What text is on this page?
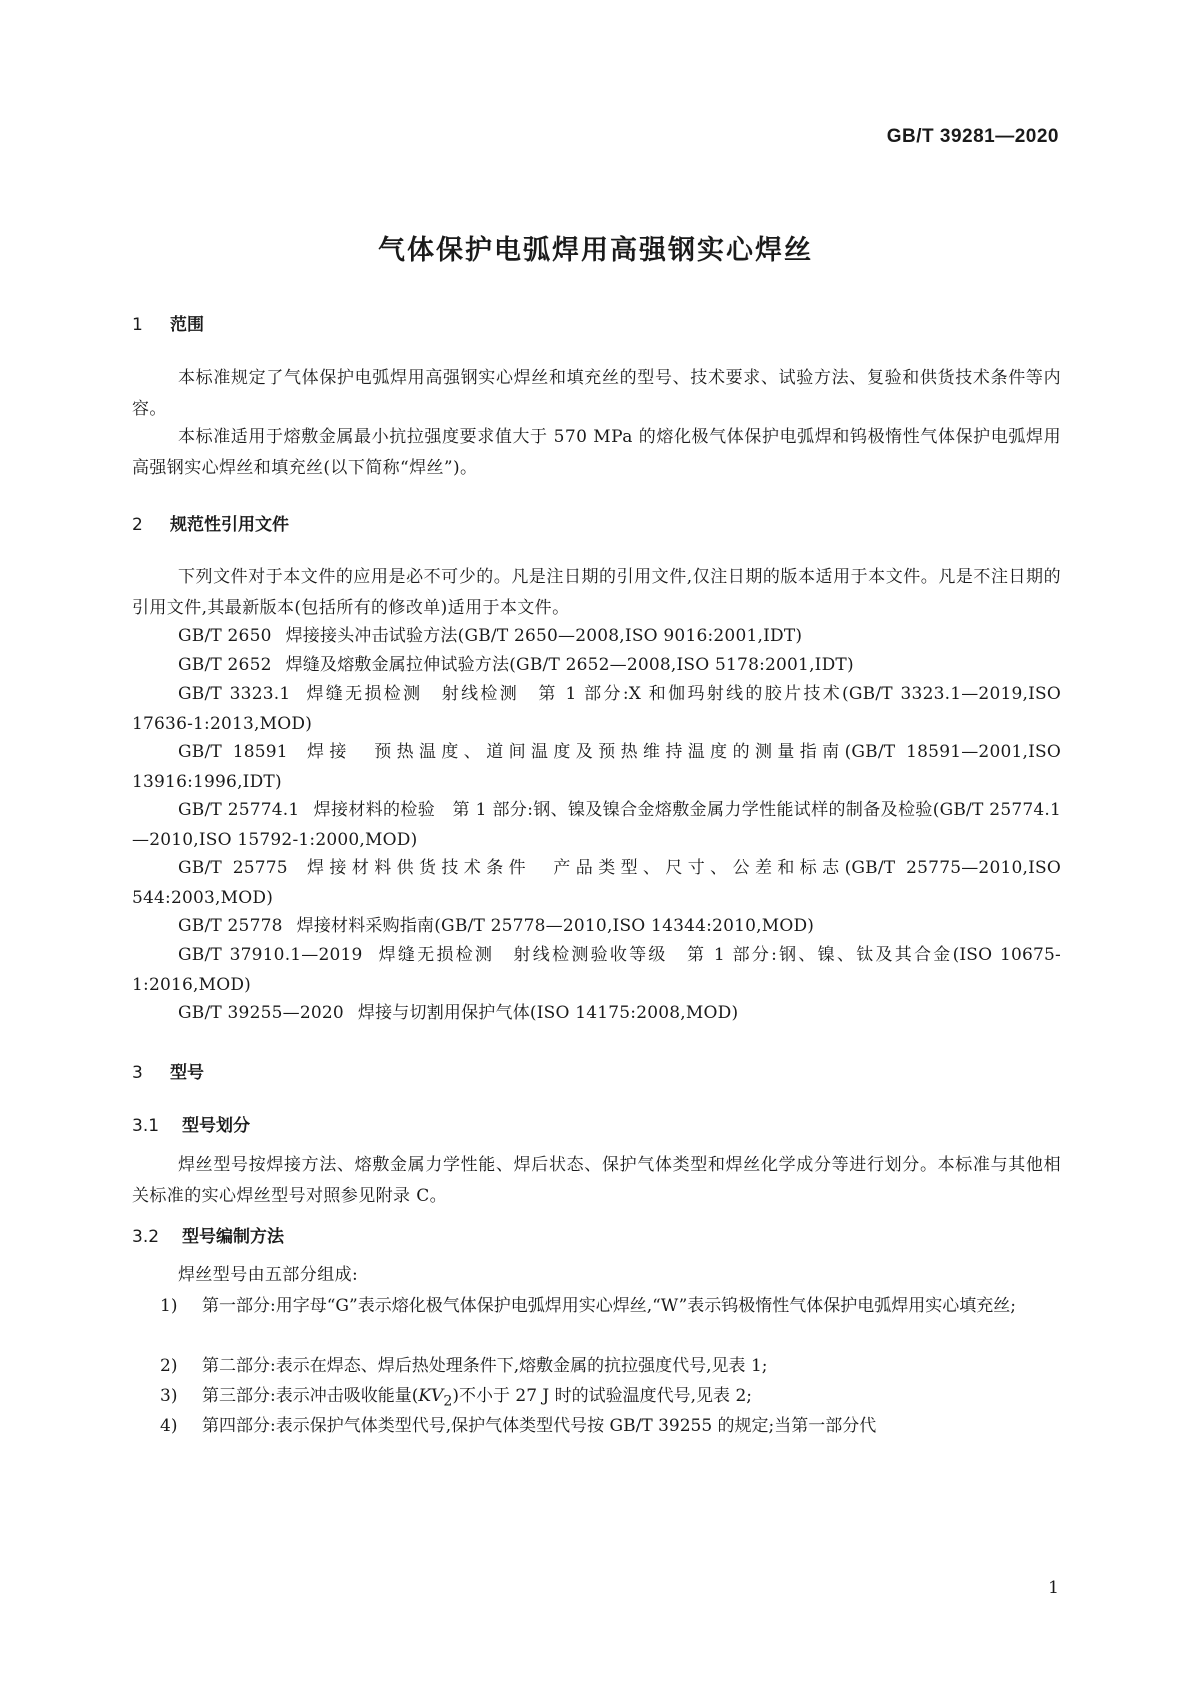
GB/T 39281—2020
气体保护电弧焊用高强钢实心焊丝
1 范围
本标准规定了气体保护电弧焊用高强钢实心焊丝和填充丝的型号、技术要求、试验方法、复验和供货技术条件等内容。
本标准适用于熔敷金属最小抗拉强度要求值大于 570 MPa 的熔化极气体保护电弧焊和钨极惰性气体保护电弧焊用高强钢实心焊丝和填充丝(以下简称“焊丝”)。
2 规范性引用文件
下列文件对于本文件的应用是必不可少的。凡是注日期的引用文件,仅注日期的版本适用于本文件。凡是不注日期的引用文件,其最新版本(包括所有的修改单)适用于本文件。
GB/T 2650 焊接接头冲击试验方法(GB/T 2650—2008,ISO 9016:2001,IDT)
GB/T 2652 焊缝及熔敷金属拉伸试验方法(GB/T 2652—2008,ISO 5178:2001,IDT)
GB/T 3323.1 焊缝无损检测　射线检测　第 1 部分:X 和伽玛射线的胶片技术(GB/T 3323.1—2019,ISO 17636-1:2013,MOD)
GB/T 18591 焊接　预热温度、道间温度及预热维持温度的测量指南(GB/T 18591—2001,ISO 13916:1996,IDT)
GB/T 25774.1 焊接材料的检验　第 1 部分:钢、镍及镍合金熔敷金属力学性能试样的制备及检验(GB/T 25774.1—2010,ISO 15792-1:2000,MOD)
GB/T 25775 焊接材料供货技术条件　产品类型、尺寸、公差和标志(GB/T 25775—2010,ISO 544:2003,MOD)
GB/T 25778 焊接材料采购指南(GB/T 25778—2010,ISO 14344:2010,MOD)
GB/T 37910.1—2019 焊缝无损检测　射线检测验收等级　第 1 部分:钢、镍、钛及其合金(ISO 10675-1:2016,MOD)
GB/T 39255—2020 焊接与切割用保护气体(ISO 14175:2008,MOD)
3 型号
3.1 型号划分
焊丝型号按焊接方法、熔敷金属力学性能、焊后状态、保护气体类型和焊丝化学成分等进行划分。本标准与其他相关标准的实心焊丝型号对照参见附录 C。
3.2 型号编制方法
焊丝型号由五部分组成:
1)	第一部分:用字母“G”表示熔化极气体保护电弧焊用实心焊丝,“W”表示钨极惰性气体保护电弧焊用实心填充丝;
2)	第二部分:表示在焊态、焊后热处理条件下,熔敷金属的抗拉强度代号,见表 1;
3)	第三部分:表示冲击吸收能量$(KV_2)$不小于 27 J 时的试验温度代号,见表 2;
4)	第四部分:表示保护气体类型代号,保护气体类型代号按 GB/T 39255 的规定;当第一部分代
1
